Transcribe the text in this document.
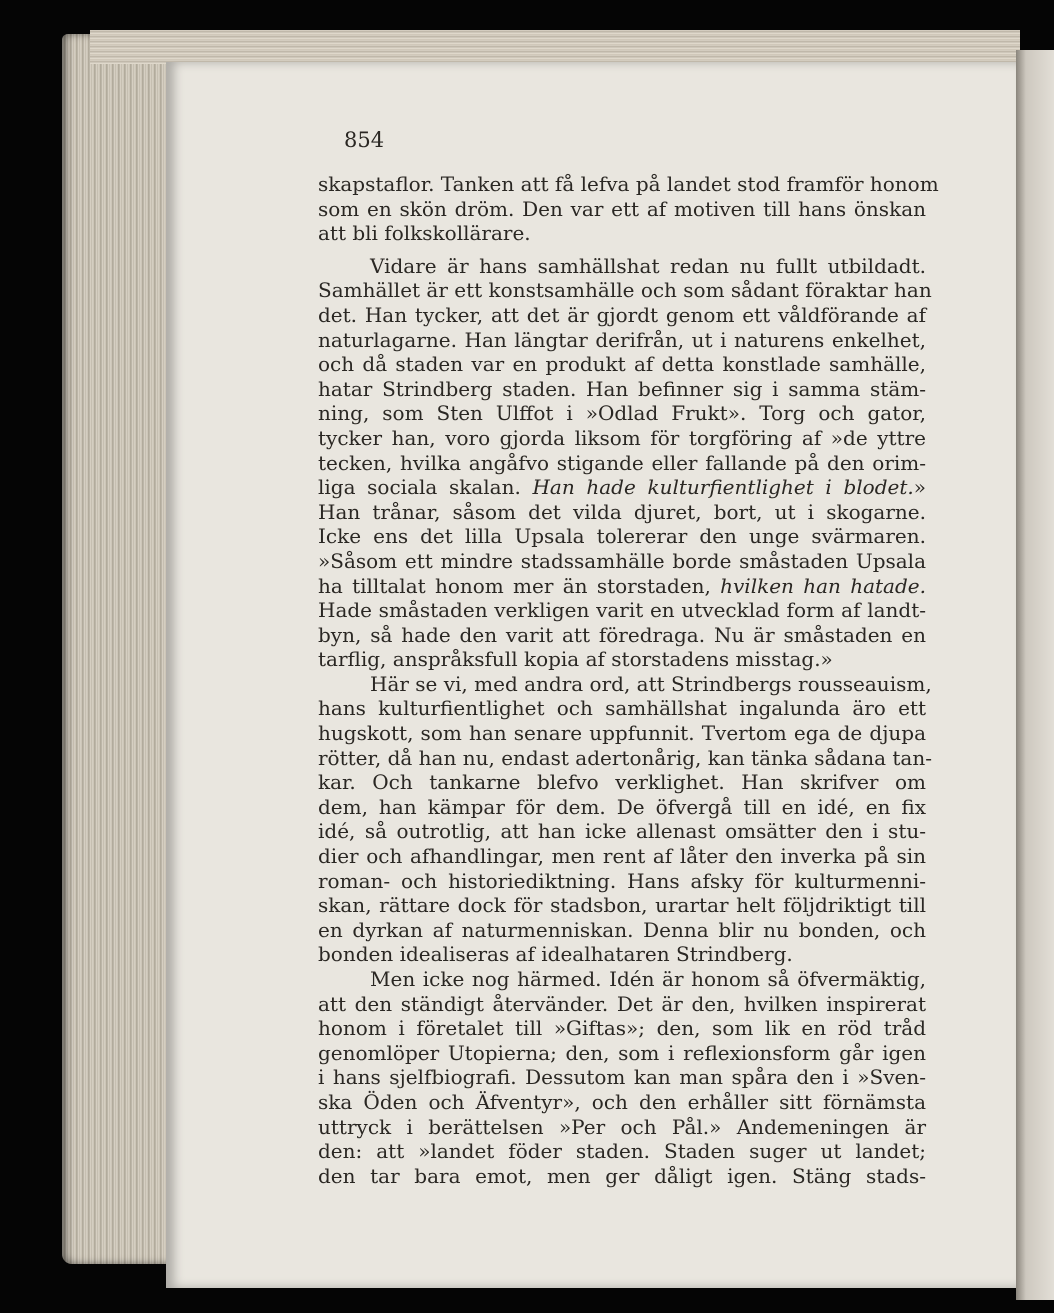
854

skapstaflor. Tanken att få lefva på landet stod framför honom
som en skön dröm. Den var ett af motiven till hans önskan
att bli folkskollärare.
Vidare är hans samhällshat redan nu fullt utbildadt.
Samhället är ett konstsamhälle och som sådant föraktar han
det. Han tycker, att det är gjordt genom ett våldförande af
naturlagarne. Han längtar derifrån, ut i naturens enkelhet,
och då staden var en produkt af detta konstlade samhälle,
hatar Strindberg staden. Han befinner sig i samma stäm-
ning, som Sten Ulffot i »Odlad Frukt». Torg och gator,
tycker han, voro gjorda liksom för torgföring af »de yttre
tecken, hvilka angåfvo stigande eller fallande på den orim-
liga sociala skalan. Han hade kulturfientlighet i blodet.»
Han trånar, såsom det vilda djuret, bort, ut i skogarne.
Icke ens det lilla Upsala tolererar den unge svärmaren.
»Såsom ett mindre stadssamhälle borde småstaden Upsala
ha tilltalat honom mer än storstaden, hvilken han hatade.
Hade småstaden verkligen varit en utvecklad form af landt-
byn, så hade den varit att föredraga. Nu är småstaden en
tarflig, anspråksfull kopia af storstadens misstag.»
Här se vi, med andra ord, att Strindbergs rousseauism,
hans kulturfientlighet och samhällshat ingalunda äro ett
hugskott, som han senare uppfunnit. Tvertom ega de djupa
rötter, då han nu, endast adertonårig, kan tänka sådana tan-
kar. Och tankarne blefvo verklighet. Han skrifver om
dem, han kämpar för dem. De öfvergå till en idé, en fix
idé, så outrotlig, att han icke allenast omsätter den i stu-
dier och afhandlingar, men rent af låter den inverka på sin
roman- och historiediktning. Hans afsky för kulturmenni-
skan, rättare dock för stadsbon, urartar helt följdriktigt till
en dyrkan af naturmenniskan. Denna blir nu bonden, och
bonden idealiseras af idealhataren Strindberg.
Men icke nog härmed. Idén är honom så öfvermäktig,
att den ständigt återvänder. Det är den, hvilken inspirerat
honom i företalet till »Giftas»; den, som lik en röd tråd
genomlöper Utopierna; den, som i reflexionsform går igen
i hans sjelfbiografi. Dessutom kan man spåra den i »Sven-
ska Öden och Äfventyr», och den erhåller sitt förnämsta
uttryck i berättelsen »Per och Pål.» Andemeningen är
den: att »landet föder staden. Staden suger ut landet;
den tar bara emot, men ger dåligt igen. Stäng stads-
